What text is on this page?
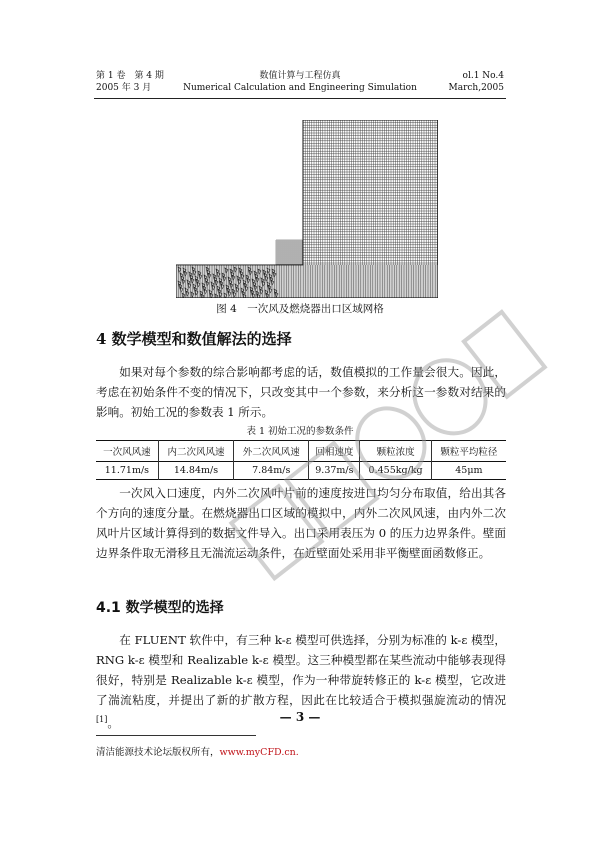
第 1 卷　第 4 期
2005 年 3 月
数值计算与工程仿真
Numerical Calculation and Engineering Simulation
ol.1 No.4
March,2005
图 4　一次风及燃烧器出口区域网格
4 数学模型和数值解法的选择

如果对每个参数的综合影响都考虑的话，数值模拟的工作量会很大。因此，考虑在初始条件不变的情况下，只改变其中一个参数，来分析这一参数对结果的影响。初始工况的参数表 1 所示。

表 1 初始工况的参数条件
一次风风速	内二次风风速	外二次风风速	回相速度	颗粒浓度	颗粒平均粒径
11.71m/s	14.84m/s	7.84m/s	9.37m/s	0.455kg/kg	45μm

一次风入口速度，内外二次风叶片前的速度按进口均匀分布取值，给出其各个方向的速度分量。在燃烧器出口区域的模拟中，内外二次风风速，由内外二次风叶片区域计算得到的数据文件导入。出口采用表压为 0 的压力边界条件。壁面边界条件取无滑移且无湍流运动条件，在近壁面处采用非平衡壁面函数修正。

4.1 数学模型的选择

在 FLUENT 软件中，有三种 k-ε 模型可供选择，分别为标准的 k-ε 模型，RNG k-ε 模型和 Realizable k-ε 模型。这三种模型都在某些流动中能够表现得很好，特别是 Realizable k-ε 模型，作为一种带旋转修正的 k-ε 模型，它改进了湍流粘度，并提出了新的扩散方程，因此在比较适合于模拟强旋流动的情况[1]。	— 3 —
清洁能源技术论坛版权所有，www.myCFD.cn.
